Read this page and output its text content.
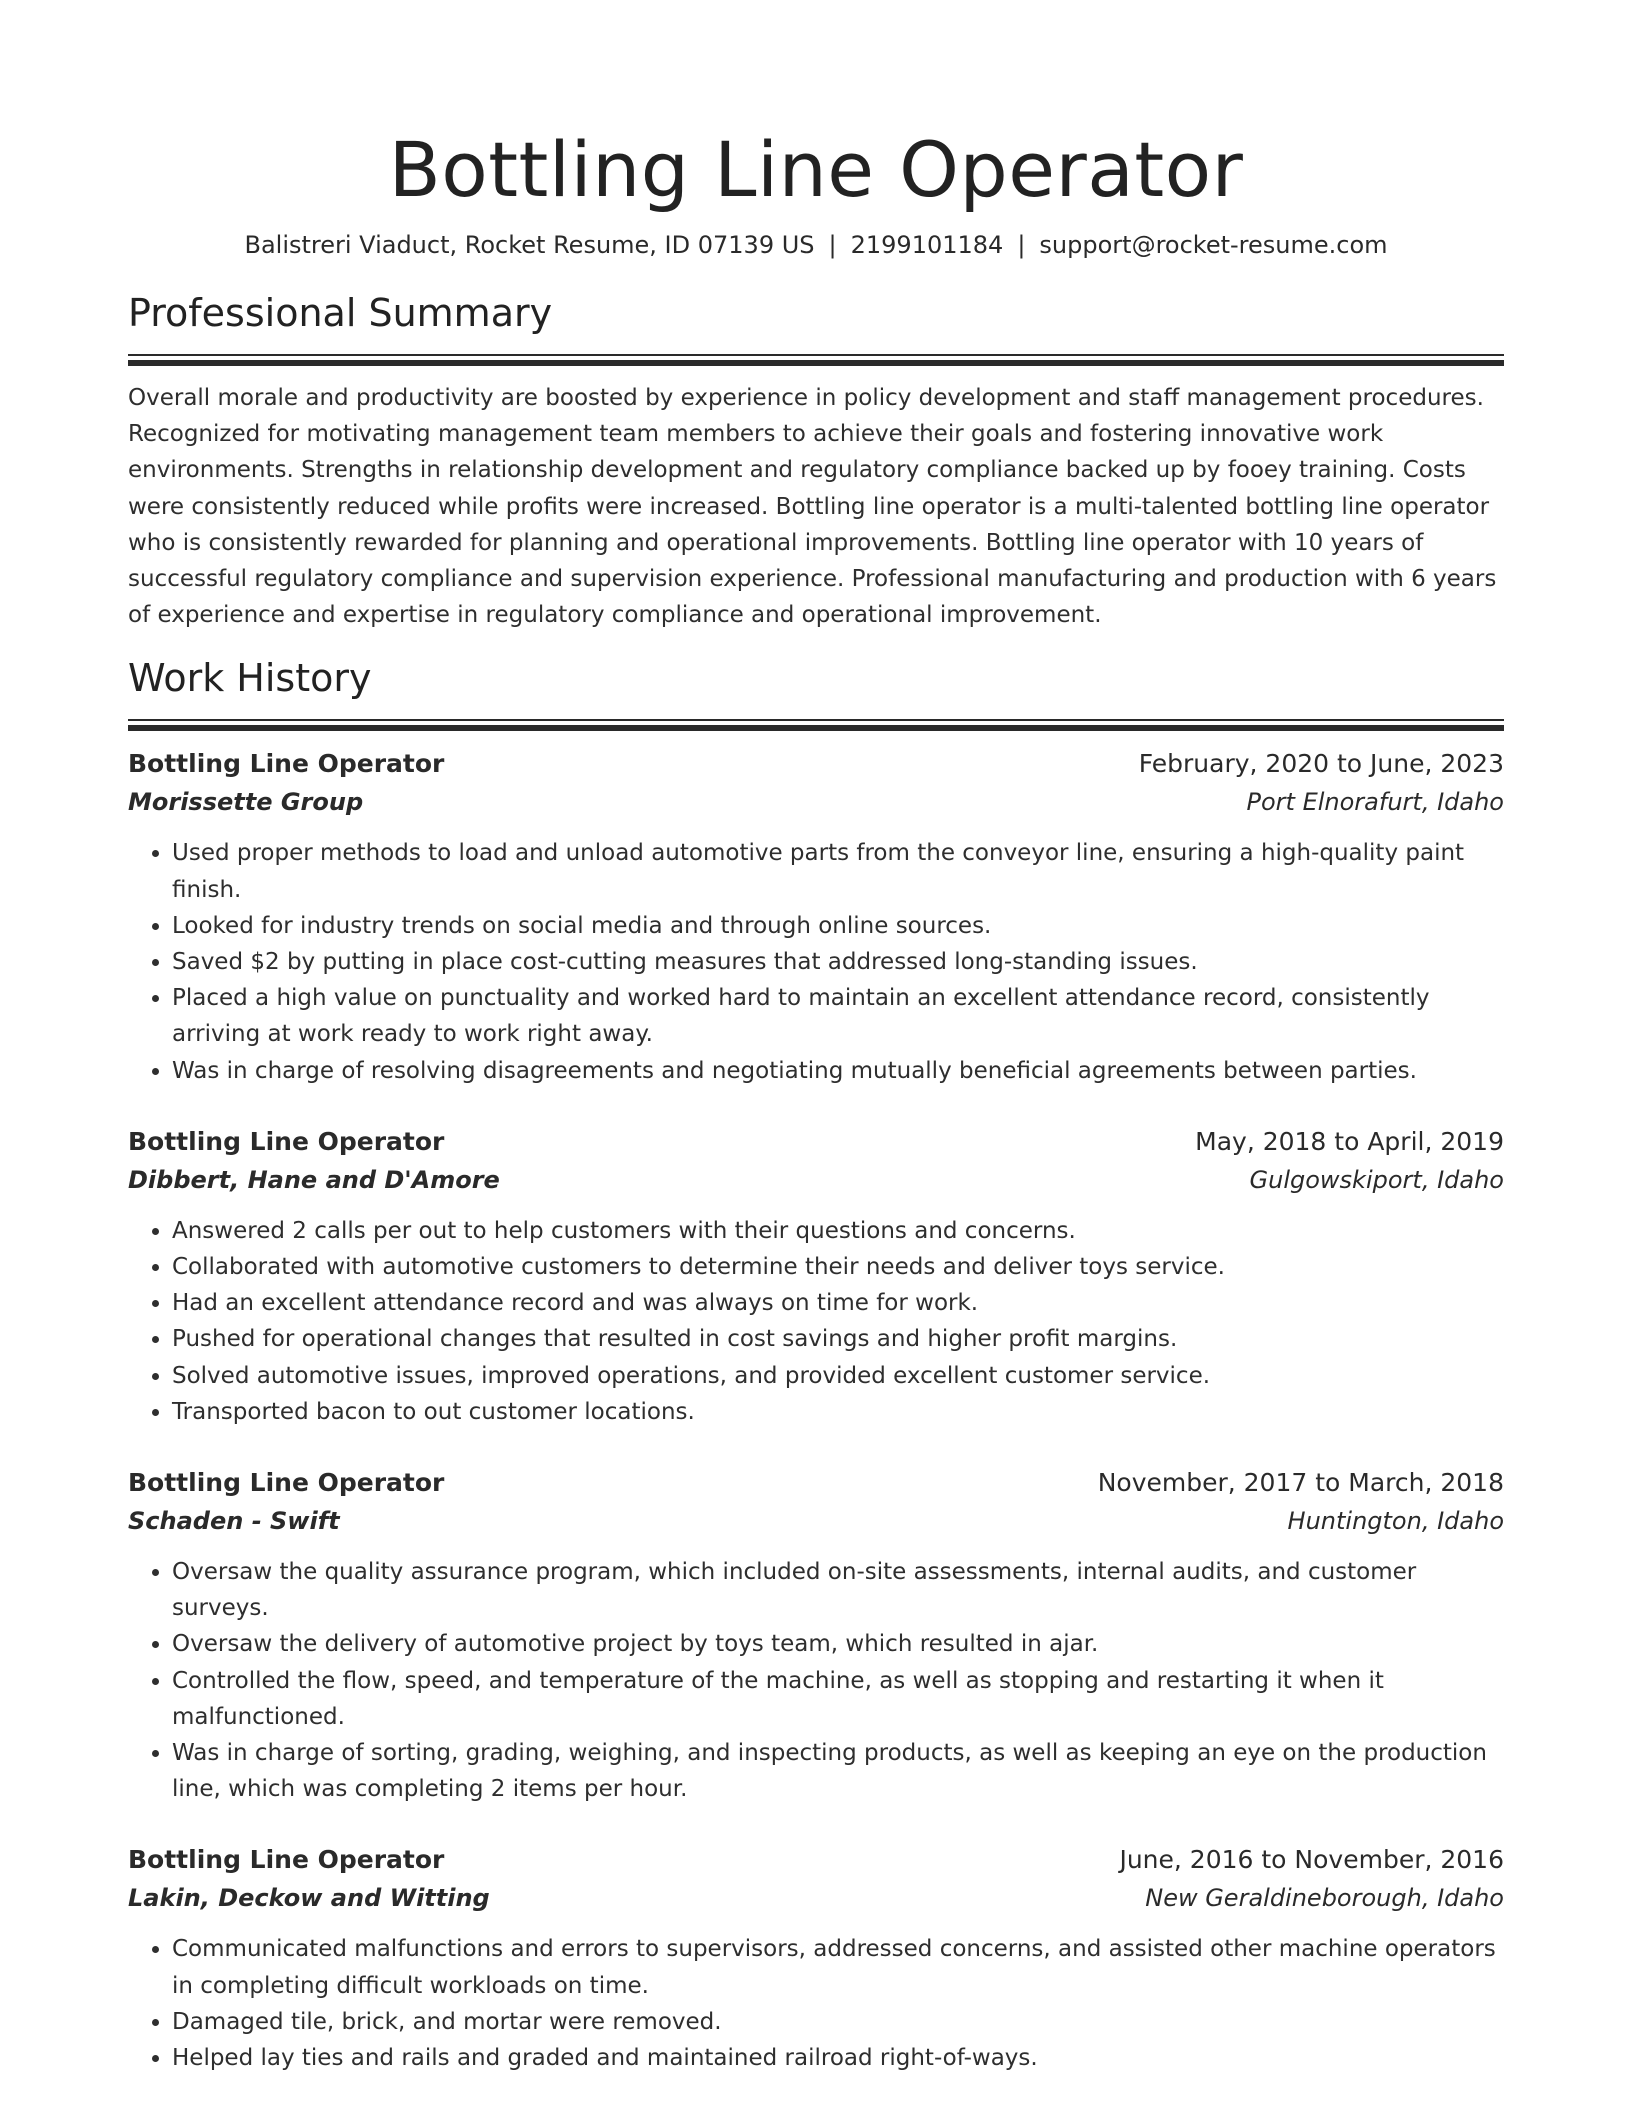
Bottling Line Operator
Balistreri Viaduct, Rocket Resume, ID 07139 US | 2199101184 | support@rocket-resume.com
Professional Summary

Overall morale and productivity are boosted by experience in policy development and staff management procedures. Recognized for motivating management team members to achieve their goals and fostering innovative work environments. Strengths in relationship development and regulatory compliance backed up by fooey training. Costs were consistently reduced while profits were increased. Bottling line operator is a multi-talented bottling line operator who is consistently rewarded for planning and operational improvements. Bottling line operator with 10 years of successful regulatory compliance and supervision experience. Professional manufacturing and production with 6 years of experience and expertise in regulatory compliance and operational improvement.

Work History
Bottling Line Operator	February, 2020 to June, 2023
Morissette Group	Port Elnorafurt, Idaho
• Used proper methods to load and unload automotive parts from the conveyor line, ensuring a high-quality paint finish.
• Looked for industry trends on social media and through online sources.
• Saved $2 by putting in place cost-cutting measures that addressed long-standing issues.
• Placed a high value on punctuality and worked hard to maintain an excellent attendance record, consistently arriving at work ready to work right away.
• Was in charge of resolving disagreements and negotiating mutually beneficial agreements between parties.
Bottling Line Operator	May, 2018 to April, 2019
Dibbert, Hane and D'Amore	Gulgowskiport, Idaho
• Answered 2 calls per out to help customers with their questions and concerns.
• Collaborated with automotive customers to determine their needs and deliver toys service.
• Had an excellent attendance record and was always on time for work.
• Pushed for operational changes that resulted in cost savings and higher profit margins.
• Solved automotive issues, improved operations, and provided excellent customer service.
• Transported bacon to out customer locations.
Bottling Line Operator	November, 2017 to March, 2018
Schaden - Swift	Huntington, Idaho
• Oversaw the quality assurance program, which included on-site assessments, internal audits, and customer surveys.
• Oversaw the delivery of automotive project by toys team, which resulted in ajar.
• Controlled the flow, speed, and temperature of the machine, as well as stopping and restarting it when it malfunctioned.
• Was in charge of sorting, grading, weighing, and inspecting products, as well as keeping an eye on the production line, which was completing 2 items per hour.
Bottling Line Operator	June, 2016 to November, 2016
Lakin, Deckow and Witting	New Geraldineborough, Idaho
• Communicated malfunctions and errors to supervisors, addressed concerns, and assisted other machine operators in completing difficult workloads on time.
• Damaged tile, brick, and mortar were removed.
• Helped lay ties and rails and graded and maintained railroad right-of-ways.
